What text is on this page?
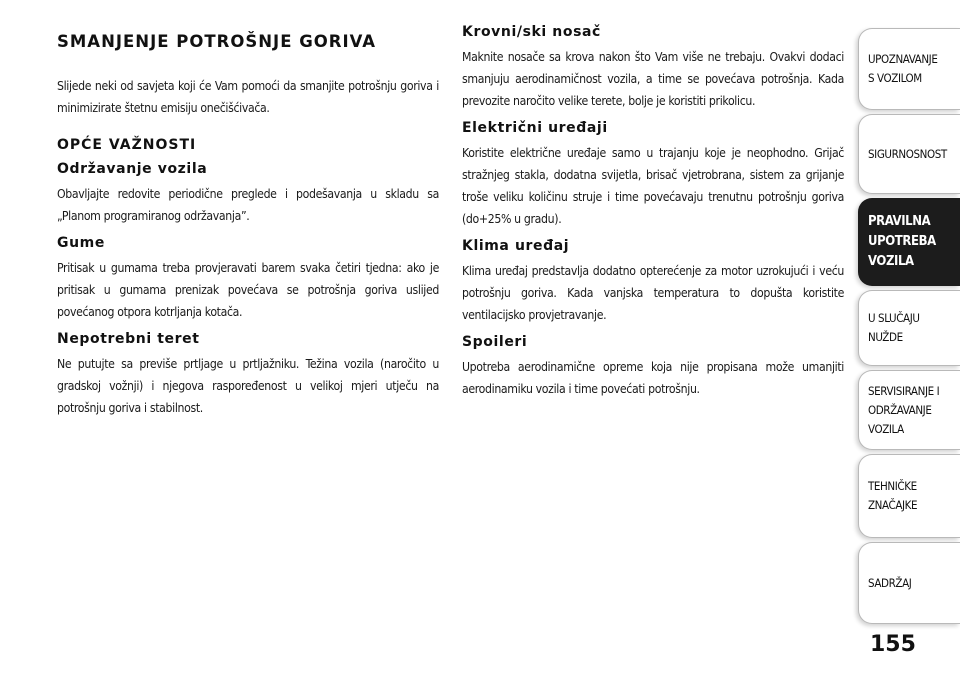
SMANJENJE POTROŠNJE GORIVA

Slijede neki od savjeta koji će Vam pomoći da smanjite potrošnju goriva i minimizirate štetnu emisiju onečišćivača.

OPĆE VAŽNOSTI
Održavanje vozila

Obavljajte redovite periodične preglede i podešavanja u skladu sa „Planom programiranog održavanja”.

Gume

Pritisak u gumama treba provjeravati barem svaka četiri tjedna: ako je pritisak u gumama prenizak povećava se potrošnja goriva uslijed povećanog otpora kotrljanja kotača.

Nepotrebni teret

Ne putujte sa previše prtljage u prtljažniku. Težina vozila (naročito u gradskoj vožnji) i njegova raspoređenost u velikoj mjeri utječu na potrošnju goriva i stabilnost.

Krovni/ski nosač

Maknite nosače sa krova nakon što Vam više ne trebaju. Ovakvi dodaci smanjuju aerodinamičnost vozila, a time se povećava potrošnja. Kada prevozite naročito velike terete, bolje je koristiti prikolicu.

Električni uređaji

Koristite električne uređaje samo u trajanju koje je neophodno. Grijač stražnjeg stakla, dodatna svijetla, brisač vjetrobrana, sistem za grijanje troše veliku količinu struje i time povećavaju trenutnu potrošnju goriva (do+25% u gradu).

Klima uređaj

Klima uređaj predstavlja dodatno opterećenje za motor uzrokujući i veću potrošnju goriva. Kada vanjska temperatura to dopušta koristite ventilacijsko provjetravanje.

Spoileri

Upotreba aerodinamične opreme koja nije propisana može umanjiti aerodinamiku vozila i time povećati potrošnju.

UPOZNAVANJE
S VOZILOM
SIGURNOSNOST
PRAVILNA
UPOTREBA
VOZILA
U SLUČAJU
NUŽDE
SERVISIRANJE I
ODRŽAVANJE
VOZILA
TEHNIČKE
ZNAČAJKE
SADRŽAJ
155
